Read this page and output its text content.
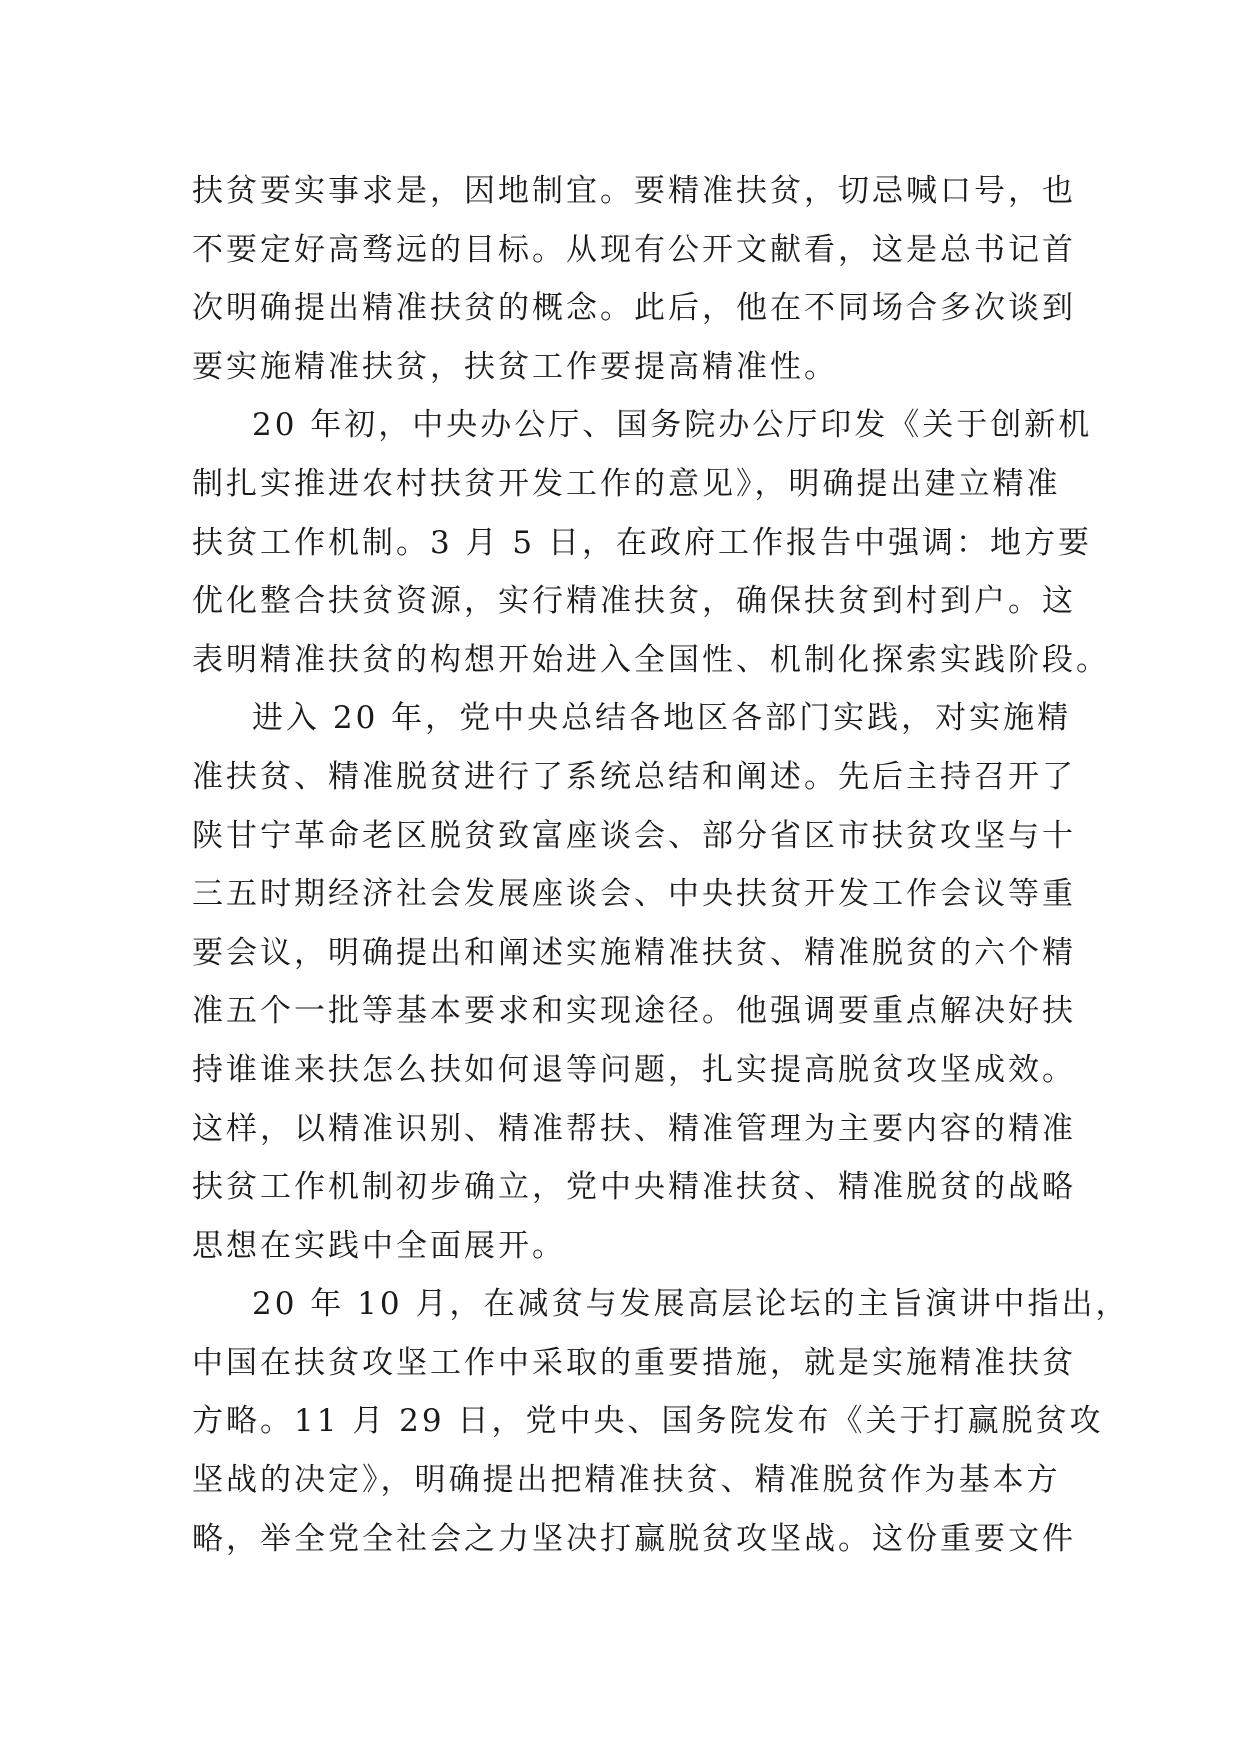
扶贫要实事求是，因地制宜。要精准扶贫，切忌喊口号，也
不要定好高骛远的目标。从现有公开文献看，这是总书记首
次明确提出精准扶贫的概念。此后，他在不同场合多次谈到
要实施精准扶贫，扶贫工作要提高精准性。
20 年初，中央办公厅、国务院办公厅印发《关于创新机
制扎实推进农村扶贫开发工作的意见》，明确提出建立精准
扶贫工作机制。3 月 5 日，在政府工作报告中强调：地方要
优化整合扶贫资源，实行精准扶贫，确保扶贫到村到户。这
表明精准扶贫的构想开始进入全国性、机制化探索实践阶段。
进入 20 年，党中央总结各地区各部门实践，对实施精
准扶贫、精准脱贫进行了系统总结和阐述。先后主持召开了
陕甘宁革命老区脱贫致富座谈会、部分省区市扶贫攻坚与十
三五时期经济社会发展座谈会、中央扶贫开发工作会议等重
要会议，明确提出和阐述实施精准扶贫、精准脱贫的六个精
准五个一批等基本要求和实现途径。他强调要重点解决好扶
持谁谁来扶怎么扶如何退等问题，扎实提高脱贫攻坚成效。
这样，以精准识别、精准帮扶、精准管理为主要内容的精准
扶贫工作机制初步确立，党中央精准扶贫、精准脱贫的战略
思想在实践中全面展开。
20 年 10 月，在减贫与发展高层论坛的主旨演讲中指出，
中国在扶贫攻坚工作中采取的重要措施，就是实施精准扶贫
方略。11 月 29 日，党中央、国务院发布《关于打赢脱贫攻
坚战的决定》，明确提出把精准扶贫、精准脱贫作为基本方
略，举全党全社会之力坚决打赢脱贫攻坚战。这份重要文件
